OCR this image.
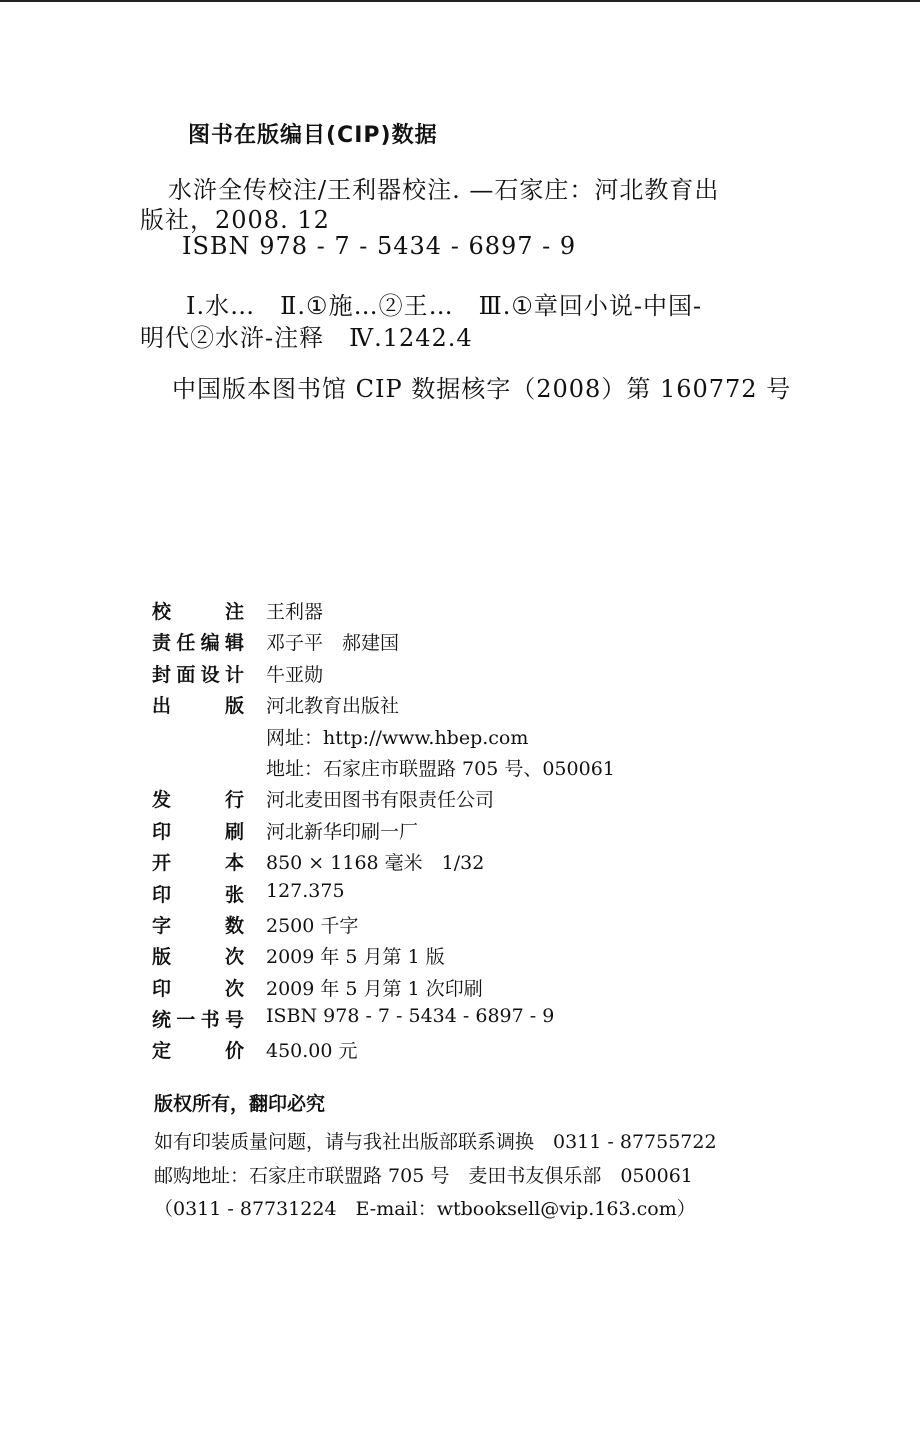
图书在版编目(CIP)数据
水浒全传校注/王利器校注. —石家庄：河北教育出
版社，2008. 12
ISBN 978 - 7 - 5434 - 6897 - 9
Ⅰ.水…　Ⅱ.①施…②王…　Ⅲ.①章回小说-中国-
明代②水浒-注释　Ⅳ.1242.4
中国版本图书馆 CIP 数据核字（2008）第 160772 号
校	注 王利器
责 任 编 辑 邓子平　郝建国
封 面 设 计 牛亚勋
出	版 河北教育出版社
网址：http://www.hbep.com
地址：石家庄市联盟路 705 号、050061
发	行 河北麦田图书有限责任公司
印	刷 河北新华印刷一厂
开	本 850 × 1168 毫米　1/32
印	张 127.375
字	数 2500 千字
版	次 2009 年 5 月第 1 版
印	次 2009 年 5 月第 1 次印刷
统 一 书 号 ISBN 978 - 7 - 5434 - 6897 - 9
定	价 450.00 元
版权所有，翻印必究
如有印装质量问题，请与我社出版部联系调换　0311 - 87755722
邮购地址：石家庄市联盟路 705 号　麦田书友俱乐部　050061
（0311 - 87731224　E-mail：wtbooksell@vip.163.com）
